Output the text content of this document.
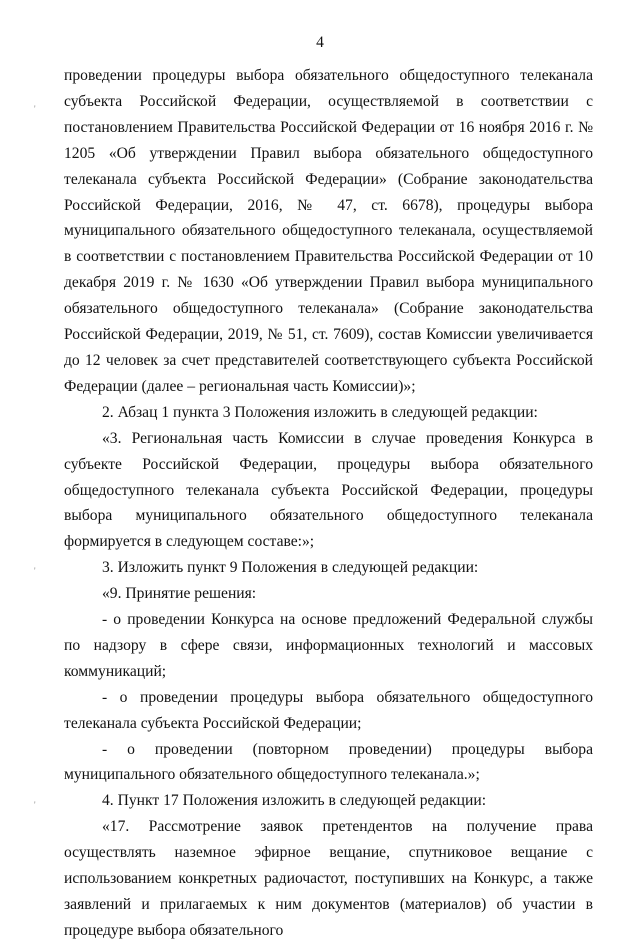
4

проведении процедуры выбора обязательного общедоступного телеканала субъекта Российской Федерации, осуществляемой в соответствии с постановлением Правительства Российской Федерации от 16 ноября 2016 г. № 1205 «Об утверждении Правил выбора обязательного общедоступного телеканала субъекта Российской Федерации» (Собрание законодательства Российской Федерации, 2016, № 47, ст. 6678), процедуры выбора муниципального обязательного общедоступного телеканала, осуществляемой в соответствии с постановлением Правительства Российской Федерации от 10 декабря 2019 г. № 1630 «Об утверждении Правил выбора муниципального обязательного общедоступного телеканала» (Собрание законодательства Российской Федерации, 2019, № 51, ст. 7609), состав Комиссии увеличивается до 12 человек за счет представителей соответствующего субъекта Российской Федерации (далее – региональная часть Комиссии)»;

2. Абзац 1 пункта 3 Положения изложить в следующей редакции:

«3. Региональная часть Комиссии в случае проведения Конкурса в субъекте Российской Федерации, процедуры выбора обязательного общедоступного телеканала субъекта Российской Федерации, процедуры выбора муниципального обязательного общедоступного телеканала формируется в следующем составе:»;

3. Изложить пункт 9 Положения в следующей редакции:

«9. Принятие решения:

- о проведении Конкурса на основе предложений Федеральной службы по надзору в сфере связи, информационных технологий и массовых коммуникаций;

- о проведении процедуры выбора обязательного общедоступного телеканала субъекта Российской Федерации;

- о проведении (повторном проведении) процедуры выбора муниципального обязательного общедоступного телеканала.»;

4. Пункт 17 Положения изложить в следующей редакции:

«17. Рассмотрение заявок претендентов на получение права осуществлять наземное эфирное вещание, спутниковое вещание с использованием конкретных радиочастот, поступивших на Конкурс, а также заявлений и прилагаемых к ним документов (материалов) об участии в процедуре выбора обязательного

'
'
'
